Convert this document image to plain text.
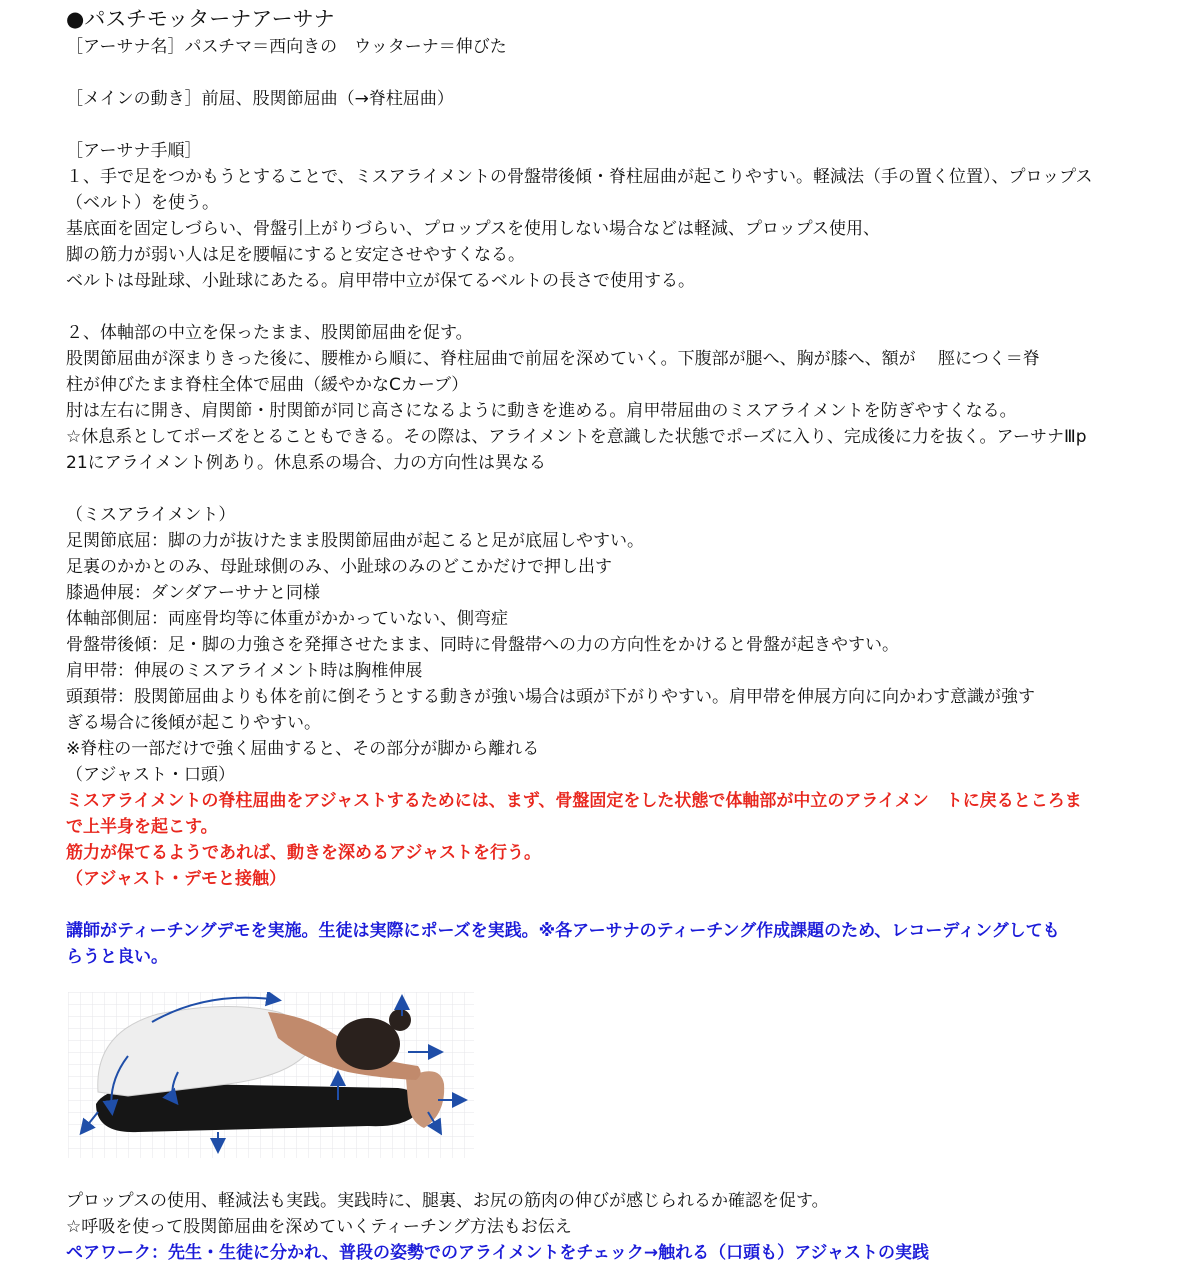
●パスチモッターナアーサナ

［アーサナ名］パスチマ＝西向きの　ウッターナ＝伸びた

［メインの動き］前屈、股関節屈曲（→脊柱屈曲）

［アーサナ手順］

１、手で足をつかもうとすることで、ミスアライメントの骨盤帯後傾・脊柱屈曲が起こりやすい。軽減法（手の置く位置）、プロップス

（ベルト）を使う。

基底面を固定しづらい、骨盤引上がりづらい、プロップスを使用しない場合などは軽減、プロップス使用、

脚の筋力が弱い人は足を腰幅にすると安定させやすくなる。

ベルトは母趾球、小趾球にあたる。肩甲帯中立が保てるベルトの長さで使用する。

２、体軸部の中立を保ったまま、股関節屈曲を促す。

股関節屈曲が深まりきった後に、腰椎から順に、脊柱屈曲で前屈を深めていく。下腹部が腿へ、胸が膝へ、額が　 脛につく＝脊

柱が伸びたまま脊柱全体で屈曲（緩やかなCカーブ）

肘は左右に開き、肩関節・肘関節が同じ高さになるように動きを進める。肩甲帯屈曲のミスアライメントを防ぎやすくなる。

☆休息系としてポーズをとることもできる。その際は、アライメントを意識した状態でポーズに入り、完成後に力を抜く。アーサナⅢp

21にアライメント例あり。休息系の場合、力の方向性は異なる

（ミスアライメント）

足関節底屈：脚の力が抜けたまま股関節屈曲が起こると足が底屈しやすい。

足裏のかかとのみ、母趾球側のみ、小趾球のみのどこかだけで押し出す

膝過伸展：ダンダアーサナと同様

体軸部側屈：両座骨均等に体重がかかっていない、側弯症

骨盤帯後傾：足・脚の力強さを発揮させたまま、同時に骨盤帯への力の方向性をかけると骨盤が起きやすい。

肩甲帯：伸展のミスアライメント時は胸椎伸展

頭頚帯：股関節屈曲よりも体を前に倒そうとする動きが強い場合は頭が下がりやすい。肩甲帯を伸展方向に向かわす意識が強す

ぎる場合に後傾が起こりやすい。

※脊柱の一部だけで強く屈曲すると、その部分が脚から離れる

（アジャスト・口頭）

ミスアライメントの脊柱屈曲をアジャストするためには、まず、骨盤固定をした状態で体軸部が中立のアライメン　トに戻るところま

で上半身を起こす。

筋力が保てるようであれば、動きを深めるアジャストを行う。

（アジャスト・デモと接触）

講師がティーチングデモを実施。生徒は実際にポーズを実践。※各アーサナのティーチング作成課題のため、レコーディングしても

らうと良い。

プロップスの使用、軽減法も実践。実践時に、腿裏、お尻の筋肉の伸びが感じられるか確認を促す。

☆呼吸を使って股関節屈曲を深めていくティーチング方法もお伝え

ペアワーク：先生・生徒に分かれ、普段の姿勢でのアライメントをチェック→触れる（口頭も）アジャストの実践
